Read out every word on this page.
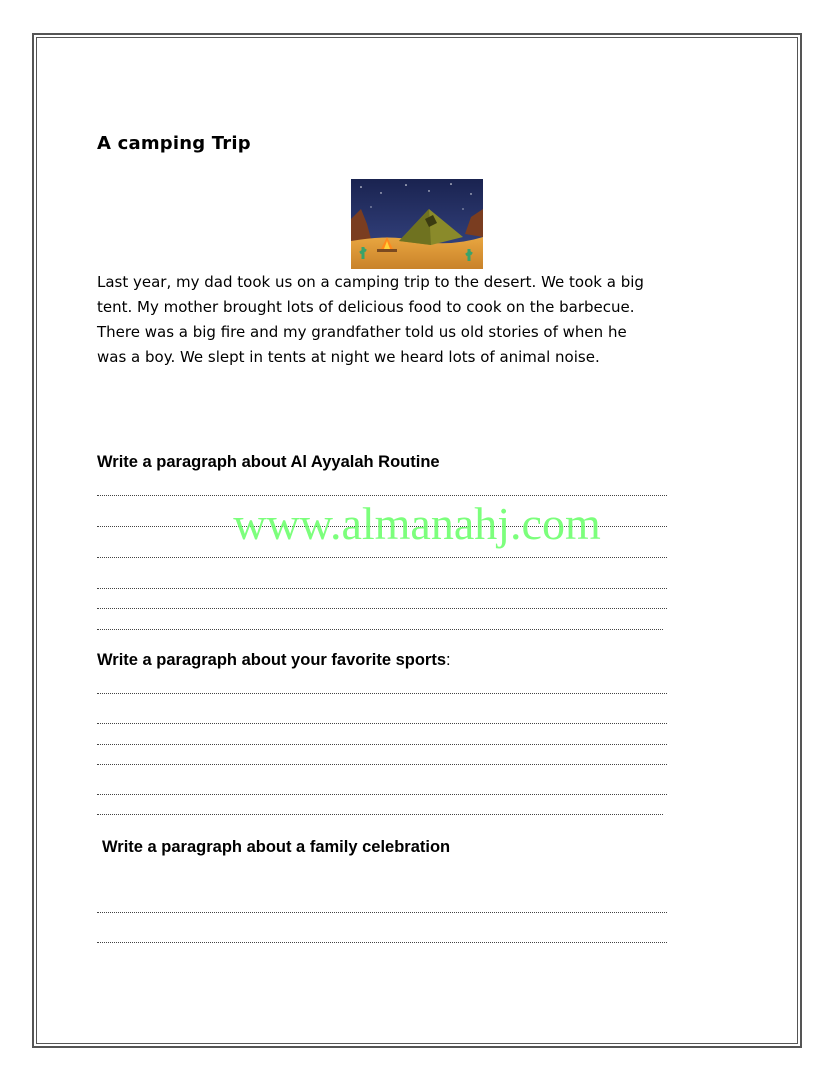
A camping Trip
Last year, my dad took us on a camping trip to the desert. We took a big
tent. My mother brought lots of delicious food to cook on the barbecue.
There was a big fire and my grandfather told us old stories of when he
was a boy. We slept in tents at night we heard lots of animal noise.
Write a paragraph about Al Ayyalah Routine
Write a paragraph about your favorite sports:
Write a paragraph about a family celebration
www.almanahj.com
